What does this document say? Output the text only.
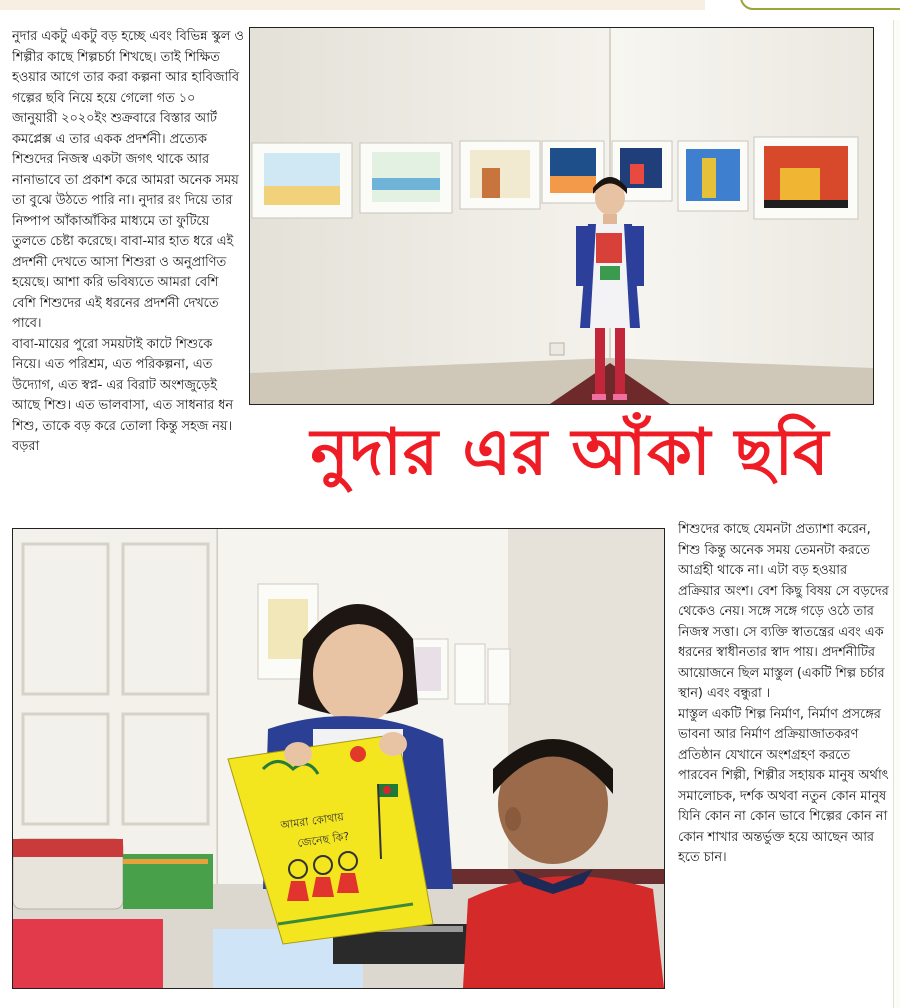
নুদার একটু একটু বড় হচ্ছে এবং বিভিন্ন স্কুল ও শিল্পীর কাছে শিল্পচর্চা শিখছে। তাই শিক্ষিত হওয়ার আগে তার করা কল্পনা আর হাবিজাবি গল্পের ছবি নিয়ে হয়ে গেলো গত ১০ জানুয়ারী ২০২০ইং শুক্রবারে বিস্তার আর্ট কমপ্লেক্স এ তার একক প্রদর্শনী। প্রত্যেক শিশুদের নিজস্ব একটা জগৎ থাকে আর নানাভাবে তা প্রকাশ করে আমরা অনেক সময় তা বুঝে উঠতে পারি না। নুদার রং দিয়ে তার নিষ্পাপ আঁকাআঁকির মাধ্যমে তা ফুটিয়ে তুলতে চেষ্টা করেছে। বাবা-মার হাত ধরে এই প্রদর্শনী দেখতে আসা শিশুরা ও অনুপ্রাণিত হয়েছে। আশা করি ভবিষ্যতে আমরা বেশি বেশি শিশুদের এই ধরনের প্রদর্শনী দেখতে পাবে।

বাবা-মায়ের পুরো সময়টাই কাটে শিশুকে নিয়ে। এত পরিশ্রম, এত পরিকল্পনা, এত উদ্যোগ, এত স্বপ্ন- এর বিরাট অংশজুড়েই আছে শিশু। এত ভালবাসা, এত সাধনার ধন শিশু, তাকে বড় করে তোলা কিন্তু সহজ নয়। বড়রা	নুদার এর আঁকা ছবি
আমরা কোথায়
জেনেছ কি?

শিশুদের কাছে যেমনটা প্রত্যাশা করেন, শিশু কিন্তু অনেক সময় তেমনটা করতে আগ্রহী থাকে না। এটা বড় হওয়ার প্রক্রিয়ার অংশ। বেশ কিছু বিষয় সে বড়দের থেকেও নেয়। সঙ্গে সঙ্গে গড়ে ওঠে তার নিজস্ব সত্তা। সে ব্যক্তি স্বাতন্ত্রের এবং এক ধরনের স্বাধীনতার স্বাদ পায়। প্রদর্শনীটির আয়োজনে ছিল মাস্তুল (একটি শিল্প চর্চার স্থান) এবং বন্ধুরা ।

মাস্তুল একটি শিল্প নির্মাণ, নির্মাণ প্রসঙ্গের ভাবনা আর নির্মাণ প্রক্রিয়াজাতকরণ প্রতিষ্ঠান যেখানে অংশগ্রহণ করতে পারবেন শিল্পী, শিল্পীর সহায়ক মানুষ অর্থাৎ সমালোচক, দর্শক অথবা নতুন কোন মানুষ যিনি কোন না কোন ভাবে শিল্পের কোন না কোন শাখার অন্তর্ভুক্ত হয়ে আছেন আর হতে চান।
